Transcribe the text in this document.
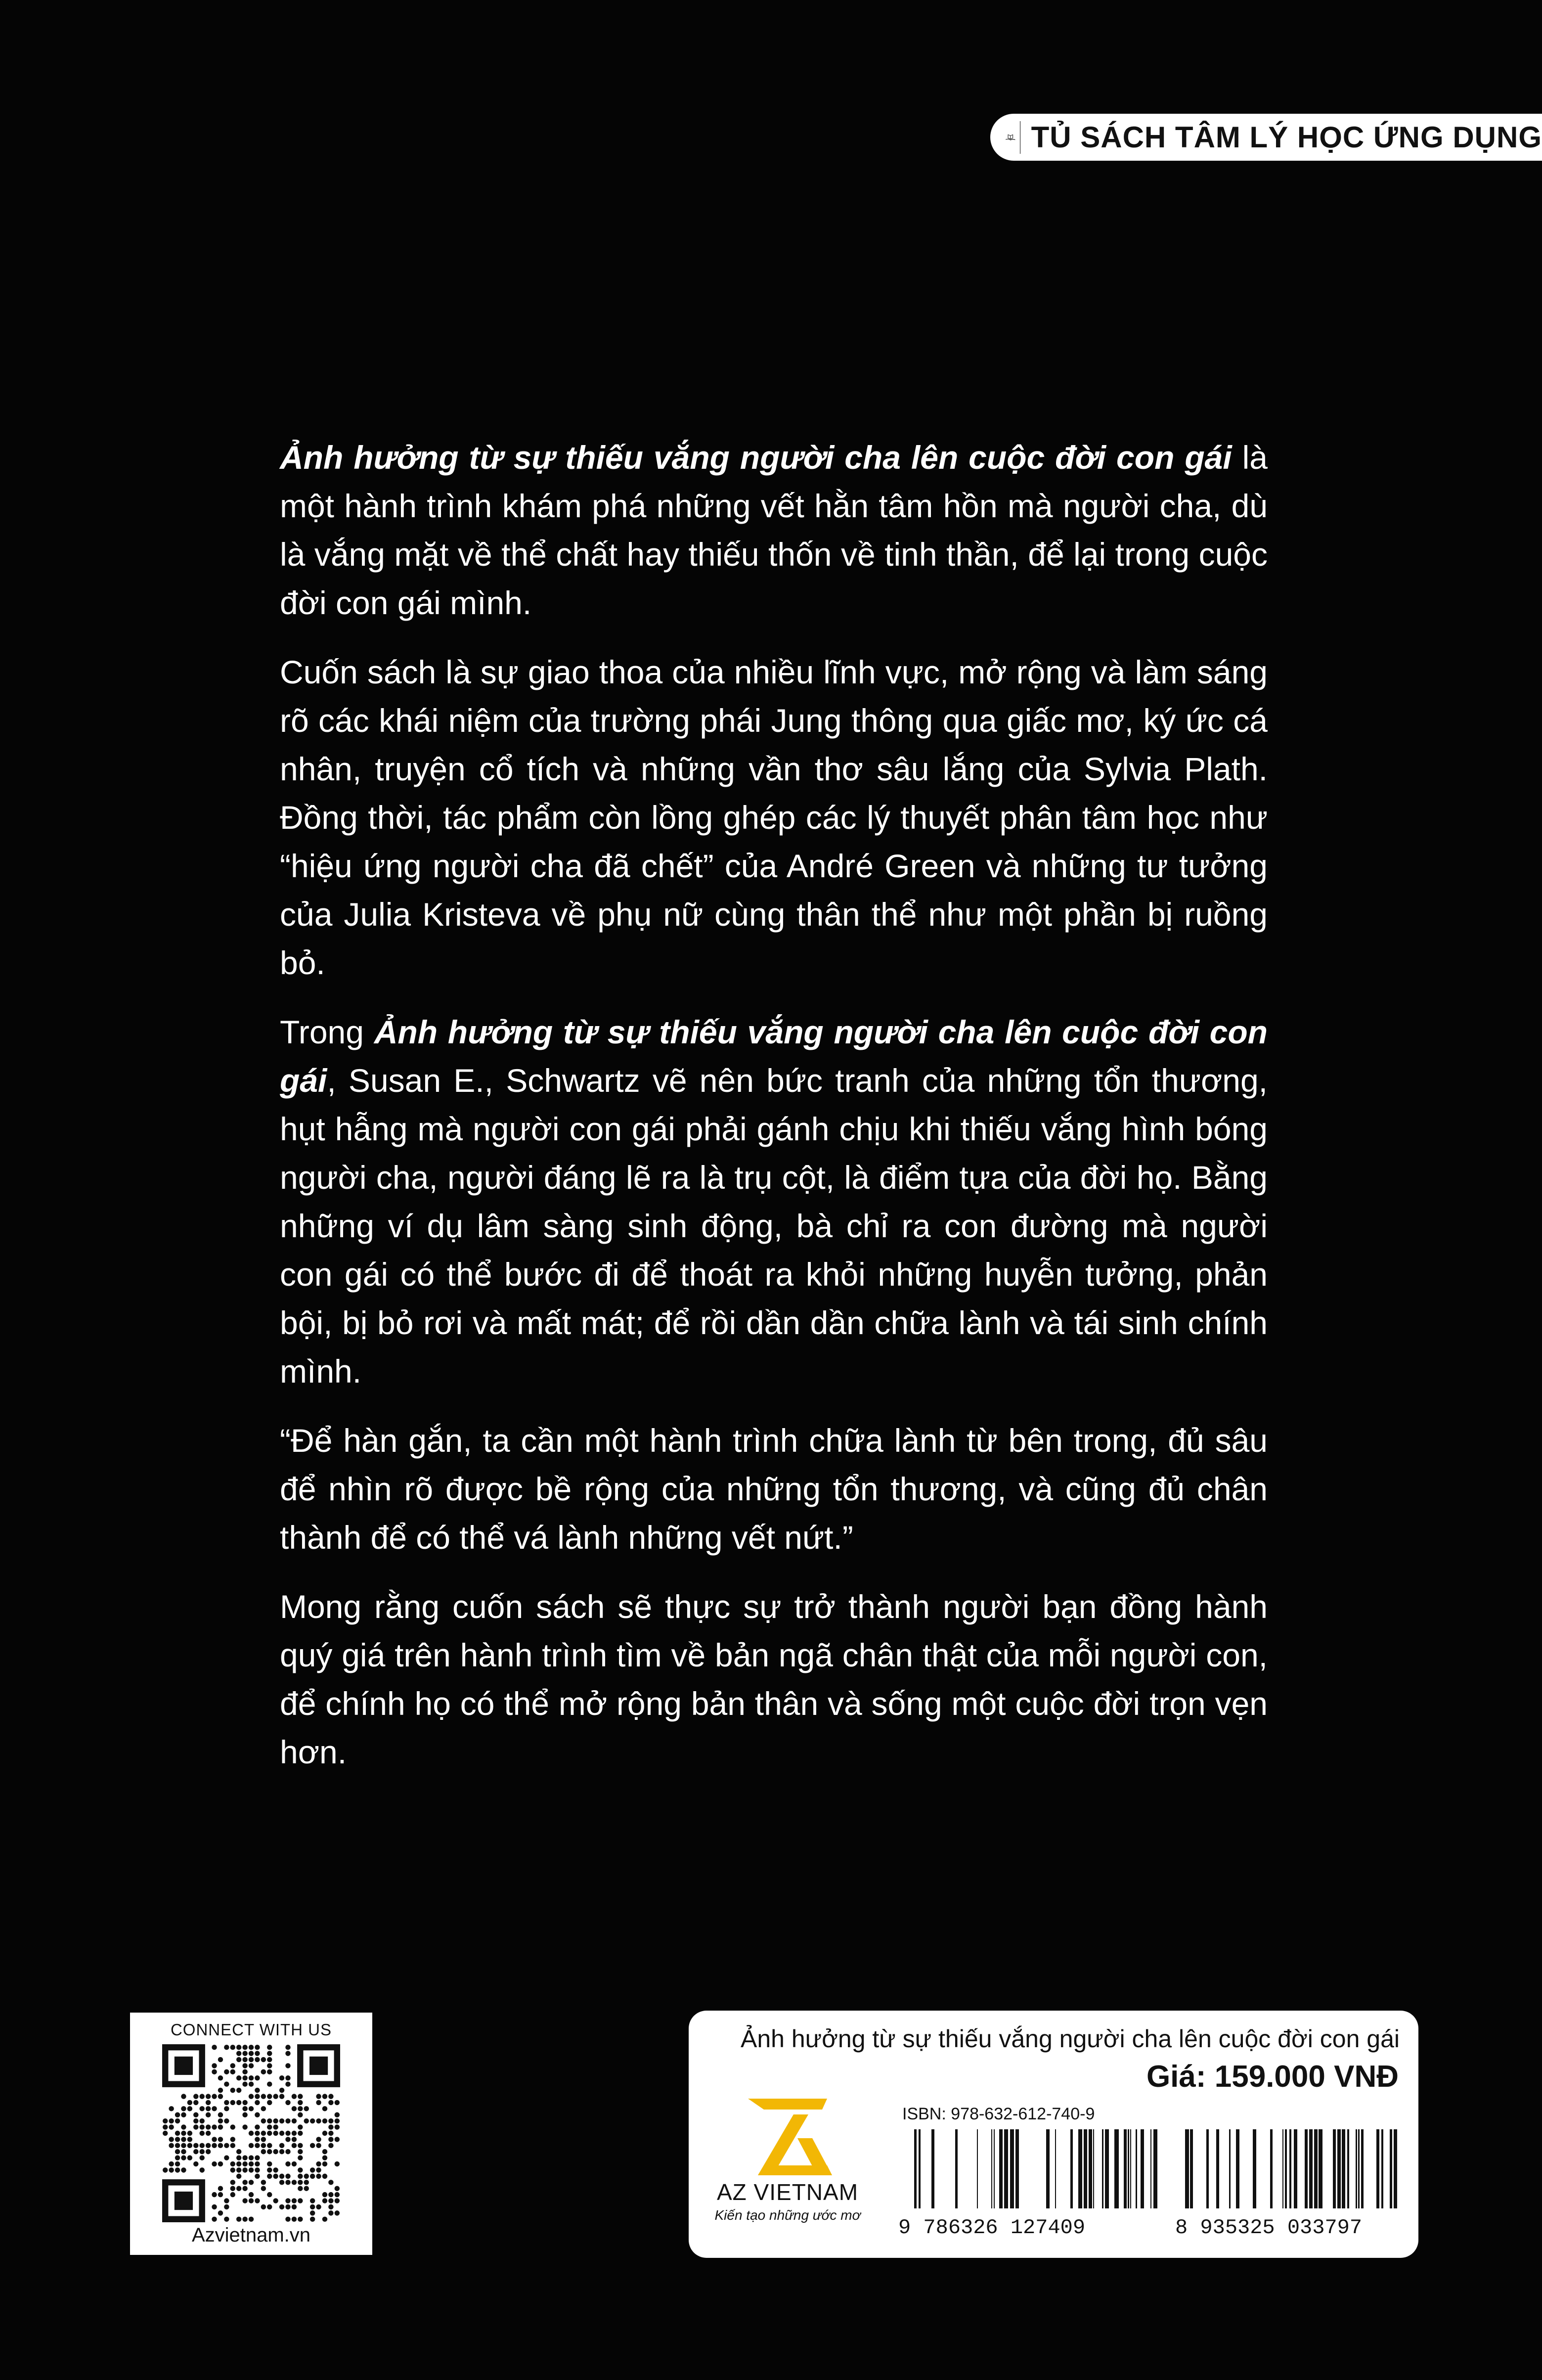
TỦ SÁCH TÂM LÝ HỌC ỨNG DỤNG

Ảnh hưởng từ sự thiếu vắng người cha lên cuộc đời con gái là một hành trình khám phá những vết hằn tâm hồn mà người cha, dù là vắng mặt về thể chất hay thiếu thốn về tinh thần, để lại trong cuộc đời con gái mình.

Cuốn sách là sự giao thoa của nhiều lĩnh vực, mở rộng và làm sáng rõ các khái niệm của trường phái Jung thông qua giấc mơ, ký ức cá nhân, truyện cổ tích và những vần thơ sâu lắng của Sylvia Plath. Đồng thời, tác phẩm còn lồng ghép các lý thuyết phân tâm học như “hiệu ứng người cha đã chết” của André Green và những tư tưởng của Julia Kristeva về phụ nữ cùng thân thể như một phần bị ruồng bỏ.

Trong Ảnh hưởng từ sự thiếu vắng người cha lên cuộc đời con gái, Susan E., Schwartz vẽ nên bức tranh của những tổn thương, hụt hẫng mà người con gái phải gánh chịu khi thiếu vắng hình bóng người cha, người đáng lẽ ra là trụ cột, là điểm tựa của đời họ. Bằng những ví dụ lâm sàng sinh động, bà chỉ ra con đường mà người con gái có thể bước đi để thoát ra khỏi những huyễn tưởng, phản bội, bị bỏ rơi và mất mát; để rồi dần dần chữa lành và tái sinh chính mình.

“Để hàn gắn, ta cần một hành trình chữa lành từ bên trong, đủ sâu để nhìn rõ được bề rộng của những tổn thương, và cũng đủ chân thành để có thể vá lành những vết nứt.”

Mong rằng cuốn sách sẽ thực sự trở thành người bạn đồng hành quý giá trên hành trình tìm về bản ngã chân thật của mỗi người con, để chính họ có thể mở rộng bản thân và sống một cuộc đời trọn vẹn hơn.

CONNECT WITH US
Azvietnam.vn
Ảnh hưởng từ sự thiếu vắng người cha lên cuộc đời con gái
Giá: 159.000 VNĐ
AZ VIETNAM
Kiến tạo những ước mơ
ISBN: 978-632-612-740-9
9 786326 127409	8 935325 033797
